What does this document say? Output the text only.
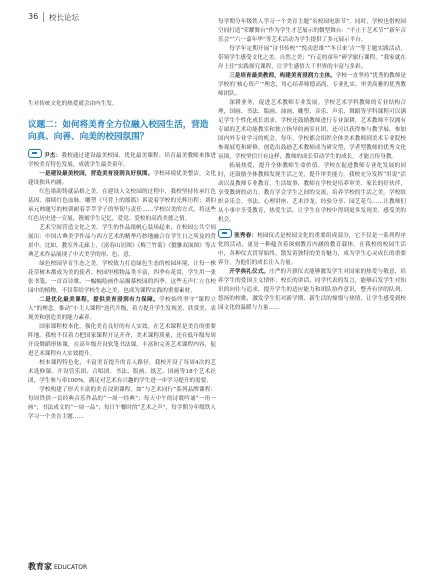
36 校长论坛

生对传统文化的热爱就会由内生发。

议题二：如何将美育全方位融入校园生活，营造向真、向善、向美的校园氛围？

尹杰：我校通过建设最美校园、优化最美课程、培育最美教师来推进学校美育特色发展，成就学生最美童年。

一是建设最美校园，营造美育浸润良好氛围。学校环境优美整洁，文化建设独具内涵。

红色墨韵铸就品格之美。在建设人文校园的过程中，我校坚持传承红色基因、赓续红色血脉。雕塑《马背上的摇篮》诉说着学校的光辉历程；刘伯承元帅题写的校训耐着莘莘学子的坚韧与责任……学校以美的方式，将这些红色历史进一宣展，镌刻学生记忆，爱党、爱校的高尚美德之情。

艺术空间营造文化之美。学生的作品纸帆心装场起来，在校园公共空间展出：中国古典美学作品与西方艺术的精华巧妙地融合在学生日之所及的背景中。比如，教室外走廊上，《富春山居图》《梅兰竹菊》《貔貅双面图》等古典艺术作品展现了中式美学的形、色、意。

绿色校园孕育生态之美。学校致力打造绿色生态的校园环境，让每一株花草树木都成为美的使者。校园里植物品类丰富，四季有花赏，学生用一张张书笺、一首首诗歌、一幅幅绘画作品描摹校园的四季。这些无声仁立在校园中的植物，不仅带给学校生态之美，也成为课程实践的重要素材。

二是优化最美课程，提供美育浸润有力保障。学校始终坚守“课程立人”的理念，推动“小主人课程”迭代升级，着力提升学生发现美、欣赏美、表现美和创造美的能力素养。

国家课程校本化，强化美育良好的有人实效。在艺术课程是美育的重要阵地。我校不仅着力把国家课程开足开齐，美术课程质量，还在低年级每周开设舞蹈形体课，在高年级开设软笔书法课，丰富和完善艺术课程内容，促进艺术课程有人实效提升。

校本课程特色化，丰富美育提升的育人路径。我校开设了每周4次的艺术选修课。开设管乐团、合唱团、书法、版画、纸艺、国画等18个艺术社团，学生参与率100%，满足对艺术有兴趣的学生进一步学习提升的需要。

学校构建了形式丰富的美育浸润课程。如“与艺术同行”系列品牌课程：每周铁供一首经典音乐作品的“一周一经典”；每天中午的诗歌吟诵“一角一画”；书法成文的“一周一品”；每日午餐时的“艺术之声”，每学期分年级铁人学习一个美育主题……

每学期分年级铁人学习一个美育主题“名校园电影节”。同时，学校也借校园空间打造“荣耀舞台”作为学生才艺展示的微型舞台：“不止于艺术节”“新年音乐会”“六一嘉年华”等艺术活动为学生提供了多元展示平台。

每学年定期开展“诗书传校”“悦动思维”“冬日来‘吉’”等主题实践活动，带领学生感受文化之美、自然之美；“行走的童年”研学旅行课程，“我家就在岸上住”实践探究课程，让学生感悟大千世界的丰富与多彩。

三是培育最美教师，构建美育浸润力主体。学校一直坚持“优秀的教师是学校的‘核心资产’”理念，用心培养师德高尚、专业扎实、审美高雅的优秀教师团队。

深耕业务，促进艺术教师专业发展。学校艺术学科教师的专业结构合理，国画、书法、版画、油画、雕塑、音乐、声乐、舞蹈等学科课程可以满足学生个性化成长需求。学校还鼓励教师进行专业深耕，艺术教师不仅拥有专属的艺术功能教室和独立指导的画室社团，还可以获得参与教学展、参加国内外专业学习的机会，每年，学校都会组织全体美术教师到美术专业院校参观展览和研修。创造出鼓励艺术教师成为研究型、学者型教师的优秀文化氛围，学校坚信只有这样，教师的成长带动学生的成长，才能言传身教。

拓展热爱，提升全体教师生命价值。学校在促进教师专业化发展的同时，还鼓励全体教师发现生活之美，提升审美能力。我校充分发挥“用说”活动以及教师专业教育，生活故事，教师在学校是培养审美、家长的好伙伴，享受教研的动力。教育学会学生之间的交流，培养学校的生活之美。学校组织音乐会、书法、心理讲座、艺术沙龙、经验分享、园艺花鸟……让教师们从小事中享受教育，热爱生活，让学生在学校中得到更多发现美、感受美的机会。

张秀春：校园仪式是校园文化的重要组成部分，它不仅是一系列程序化的活动，更是一种蕴含着深刻教育内涵的教育载体。在我校的校园生活中，各种仪式贯穿始终，散发着独特的美育魅力，成为学生心灵成长的重要养分，为他们的成长注入力量。

开学典礼仪式。庄严的升旗仪式能够激发学生对国家的热爱与敬意，培养学生的爱国主义情怀；校长的讲话，同学代表的发言，能够启发学生对知识的向往与追求，提升学生的适应能力和团队协作意识，整齐有序的队列、悠扬的校歌，激发学生们对新学期、新生活的憧憬与热情，让学生感受到校园文化的温暖与力量……

教育家 EDUCATOR
